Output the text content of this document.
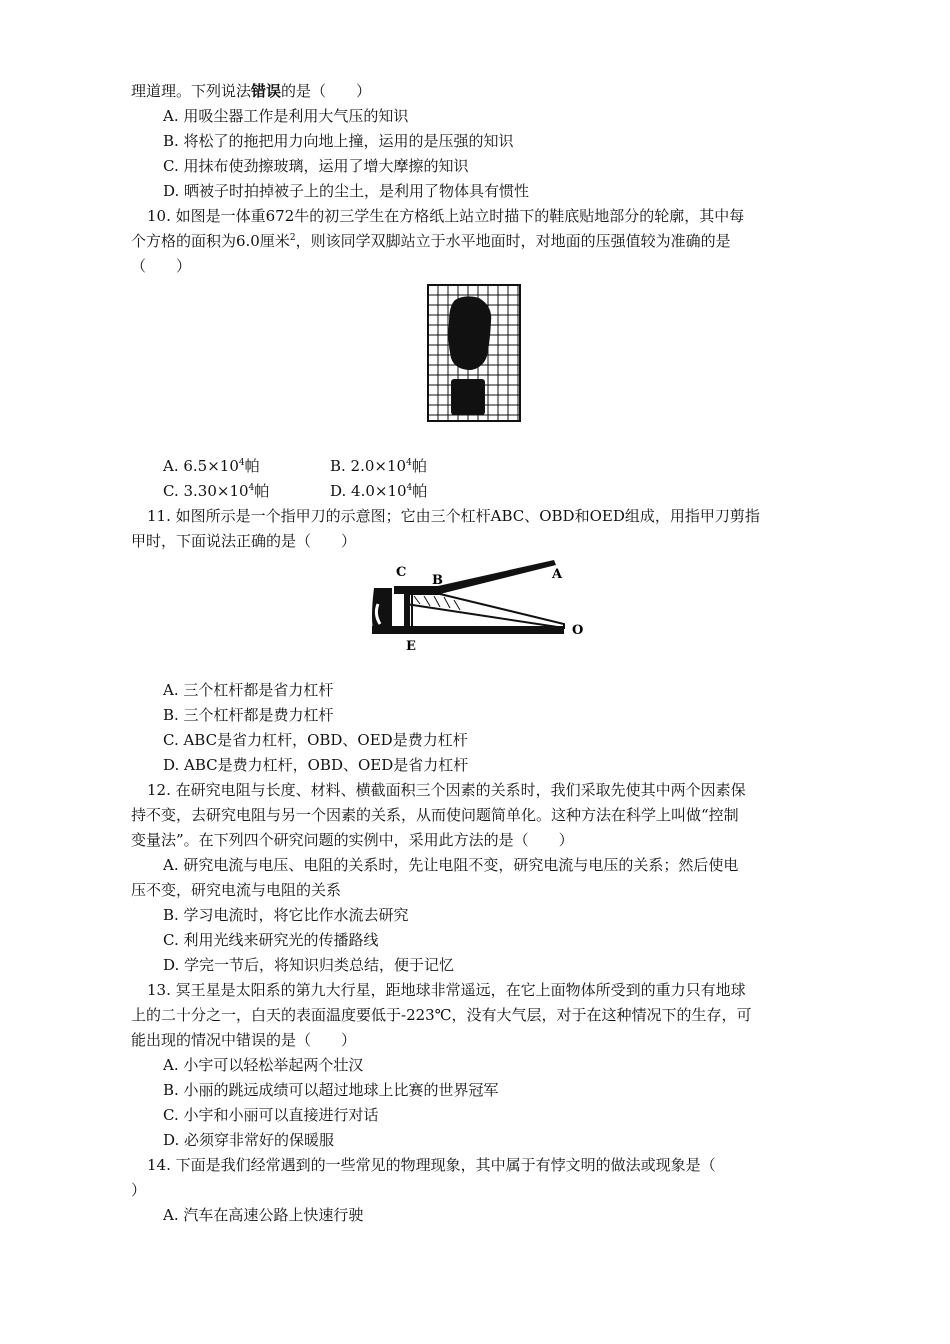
理道理。下列说法错误的是（　　）
A. 用吸尘器工作是利用大气压的知识
B. 将松了的拖把用力向地上撞，运用的是压强的知识
C. 用抹布使劲擦玻璃，运用了增大摩擦的知识
D. 晒被子时拍掉被子上的尘土，是利用了物体具有惯性
10. 如图是一体重672牛的初三学生在方格纸上站立时描下的鞋底贴地部分的轮廓，其中每
个方格的面积为6.0厘米$^2$，则该同学双脚站立于水平地面时，对地面的压强值较为准确的是
（　　）
A. $6.5\times 10^4$帕	B. $2.0\times 10^4$帕
C. $3.30\times 10^4$帕	D. $4.0\times 10^4$帕
11. 如图所示是一个指甲刀的示意图；它由三个杠杆ABC、OBD和OED组成，用指甲刀剪指
甲时，下面说法正确的是（　　）
C
B	A
D
E
O
A. 三个杠杆都是省力杠杆
B. 三个杠杆都是费力杠杆
C. ABC是省力杠杆，OBD、OED是费力杠杆
D. ABC是费力杠杆，OBD、OED是省力杠杆
12. 在研究电阻与长度、材料、横截面积三个因素的关系时，我们采取先使其中两个因素保
持不变，去研究电阻与另一个因素的关系，从而使问题简单化。这种方法在科学上叫做“控制
变量法”。在下列四个研究问题的实例中，采用此方法的是（　　）
A. 研究电流与电压、电阻的关系时，先让电阻不变，研究电流与电压的关系；然后使电
压不变，研究电流与电阻的关系
B. 学习电流时，将它比作水流去研究
C. 利用光线来研究光的传播路线
D. 学完一节后，将知识归类总结，便于记忆
13. 冥王星是太阳系的第九大行星，距地球非常遥远，在它上面物体所受到的重力只有地球
上的二十分之一，白天的表面温度要低于-223℃，没有大气层，对于在这种情况下的生存，可
能出现的情况中错误的是（　　）
A. 小宇可以轻松举起两个壮汉
B. 小丽的跳远成绩可以超过地球上比赛的世界冠军
C. 小宇和小丽可以直接进行对话
D. 必须穿非常好的保暖服
14. 下面是我们经常遇到的一些常见的物理现象，其中属于有悖文明的做法或现象是（
）
A. 汽车在高速公路上快速行驶
